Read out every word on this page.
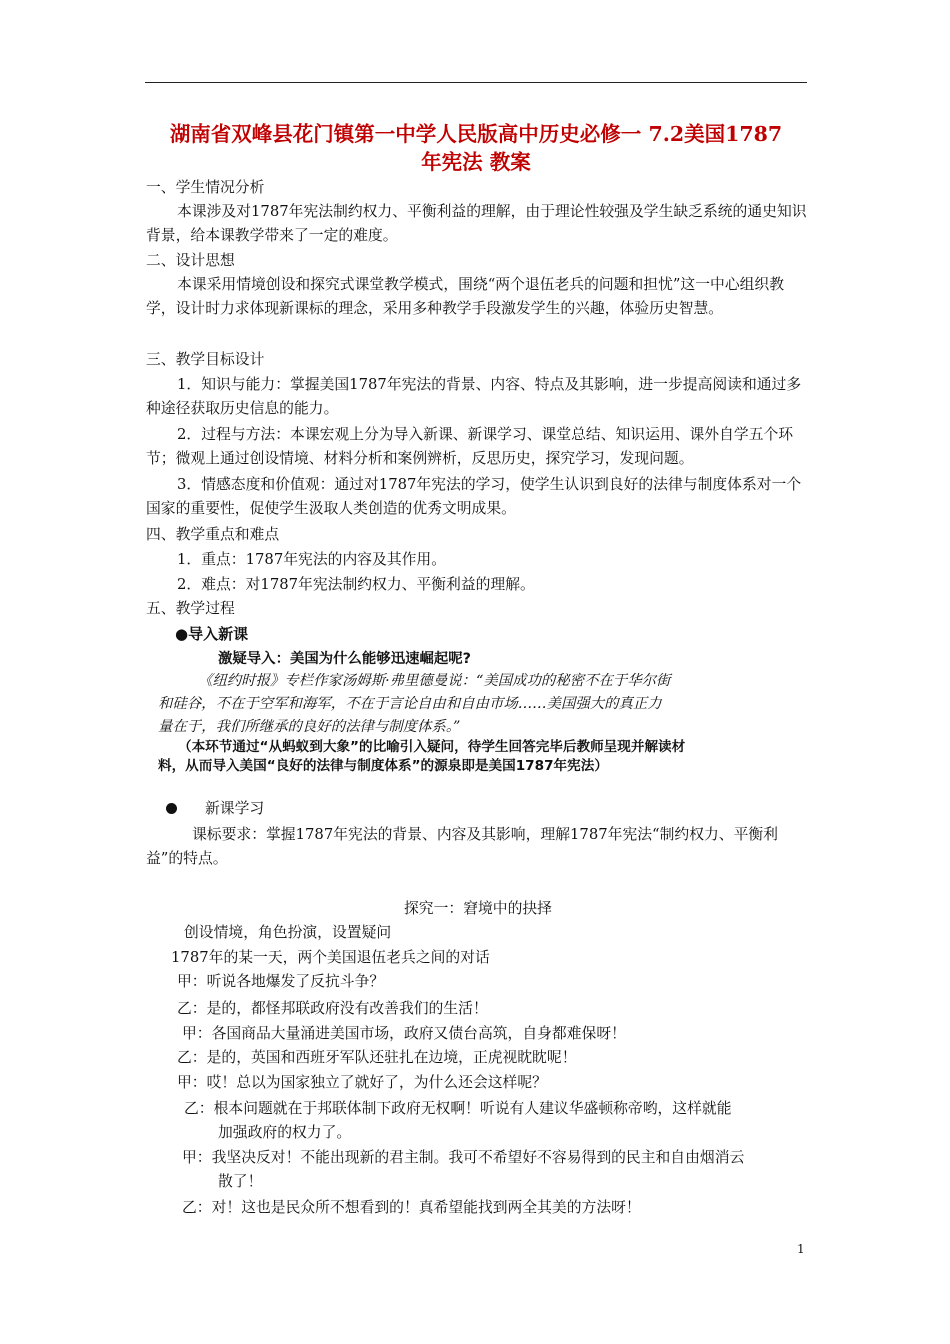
湖南省双峰县花门镇第一中学人民版高中历史必修一 7.2美国1787
年宪法 教案
一、学生情况分析
本课涉及对1787年宪法制约权力、平衡利益的理解，由于理论性较强及学生缺乏系统的通史知识背景，给本课教学带来了一定的难度。
二、设计思想
本课采用情境创设和探究式课堂教学模式，围绕“两个退伍老兵的问题和担忧”这一中心组织教学，设计时力求体现新课标的理念，采用多种教学手段激发学生的兴趣，体验历史智慧。
三、教学目标设计
1．知识与能力：掌握美国1787年宪法的背景、内容、特点及其影响，进一步提高阅读和通过多种途径获取历史信息的能力。
2．过程与方法：本课宏观上分为导入新课、新课学习、课堂总结、知识运用、课外自学五个环节；微观上通过创设情境、材料分析和案例辨析，反思历史，探究学习，发现问题。
3．情感态度和价值观：通过对1787年宪法的学习，使学生认识到良好的法律与制度体系对一个国家的重要性，促使学生汲取人类创造的优秀文明成果。
四、教学重点和难点
1．重点：1787年宪法的内容及其作用。
2．难点：对1787年宪法制约权力、平衡利益的理解。
五、教学过程
●导入新课
激疑导入：美国为什么能够迅速崛起呢?
《纽约时报》专栏作家汤姆斯·弗里德曼说：“美国成功的秘密不在于华尔街
和硅谷，不在于空军和海军，不在于言论自由和自由市场……美国强大的真正力
量在于，我们所继承的良好的法律与制度体系。”
（本环节通过“从蚂蚁到大象”的比喻引入疑问，待学生回答完毕后教师呈现并解读材
料，从而导入美国“良好的法律与制度体系”的源泉即是美国1787年宪法）
新课学习
课标要求：掌握1787年宪法的背景、内容及其影响，理解1787年宪法“制约权力、平衡利益”的特点。
探究一：窘境中的抉择
创设情境，角色扮演，设置疑问
1787年的某一天，两个美国退伍老兵之间的对话
甲：听说各地爆发了反抗斗争？
乙：是的，都怪邦联政府没有改善我们的生活！
甲：各国商品大量涌进美国市场，政府又债台高筑，自身都难保呀！
乙：是的，英国和西班牙军队还驻扎在边境，正虎视眈眈呢！
甲：哎！总以为国家独立了就好了，为什么还会这样呢？
乙：根本问题就在于邦联体制下政府无权啊！听说有人建议华盛顿称帝哟，这样就能
加强政府的权力了。
甲：我坚决反对！不能出现新的君主制。我可不希望好不容易得到的民主和自由烟消云
散了！
乙：对！这也是民众所不想看到的！真希望能找到两全其美的方法呀！
1
